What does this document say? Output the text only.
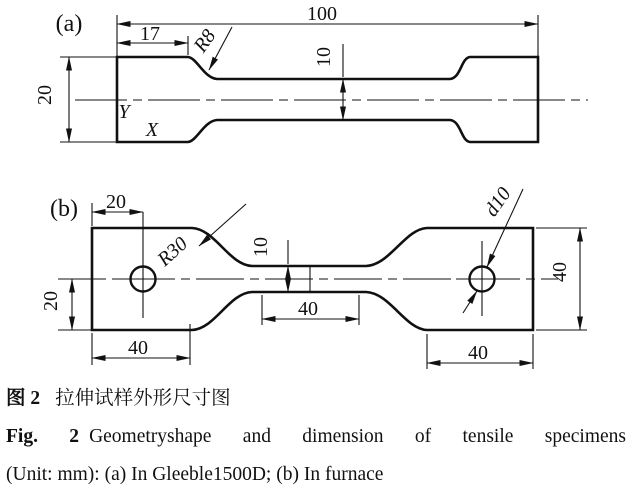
100
17 R8
20
10
Y
X
(a)
20
R30
20
10
d10
40
40
40
40
(b)

图 2 拉伸试样外形尺寸图

Fig. 2 Geometryshape and dimension of tensile specimens

(Unit: mm): (a) In Gleeble1500D; (b) In furnace
